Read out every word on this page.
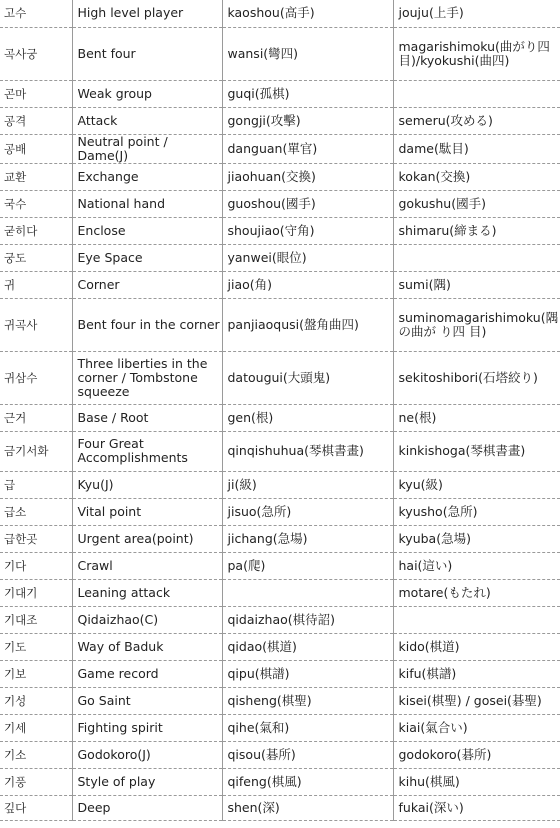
고수	High level player	kaoshou(高手)	jouju(上手)
곡사궁	Bent four	wansi(彎四)	magarishimoku(曲がり四目)/kyokushi(曲四)
곤마	Weak group	guqi(孤棋)	
공격	Attack	gongji(攻擊)	semeru(攻める)
공배	Neutral point / Dame(J)	danguan(單官)	dame(駄目)
교환	Exchange	jiaohuan(交換)	kokan(交換)
국수	National hand	guoshou(國手)	gokushu(國手)
굳히다	Enclose	shoujiao(守角)	shimaru(締まる)
궁도	Eye Space	yanwei(眼位)	
귀	Corner	jiao(角)	sumi(隅)
귀곡사	Bent four in the corner	panjiaoqusi(盤角曲四)	suminomagarishimoku(隅の曲が り四 目)
귀삼수	Three liberties in the corner / Tombstone squeeze	datougui(大頭鬼)	sekitoshibori(石塔絞り)
근거	Base / Root	gen(根)	ne(根)
금기서화	Four Great Accomplishments	qinqishuhua(琴棋書畫)	kinkishoga(琴棋書畫)
급	Kyu(J)	ji(級)	kyu(級)
급소	Vital point	jisuo(急所)	kyusho(急所)
급한곳	Urgent area(point)	jichang(急場)	kyuba(急場)
기다	Crawl	pa(爬)	hai(這い)
기대기	Leaning attack		motare(もたれ)
기대조	Qidaizhao(C)	qidaizhao(棋待詔)	
기도	Way of Baduk	qidao(棋道)	kido(棋道)
기보	Game record	qipu(棋譜)	kifu(棋譜)
기성	Go Saint	qisheng(棋聖)	kisei(棋聖) / gosei(碁聖)
기세	Fighting spirit	qihe(氣和)	kiai(氣合い)
기소	Godokoro(J)	qisou(碁所)	godokoro(碁所)
기풍	Style of play	qifeng(棋風)	kihu(棋風)
깊다	Deep	shen(深)	fukai(深い)
